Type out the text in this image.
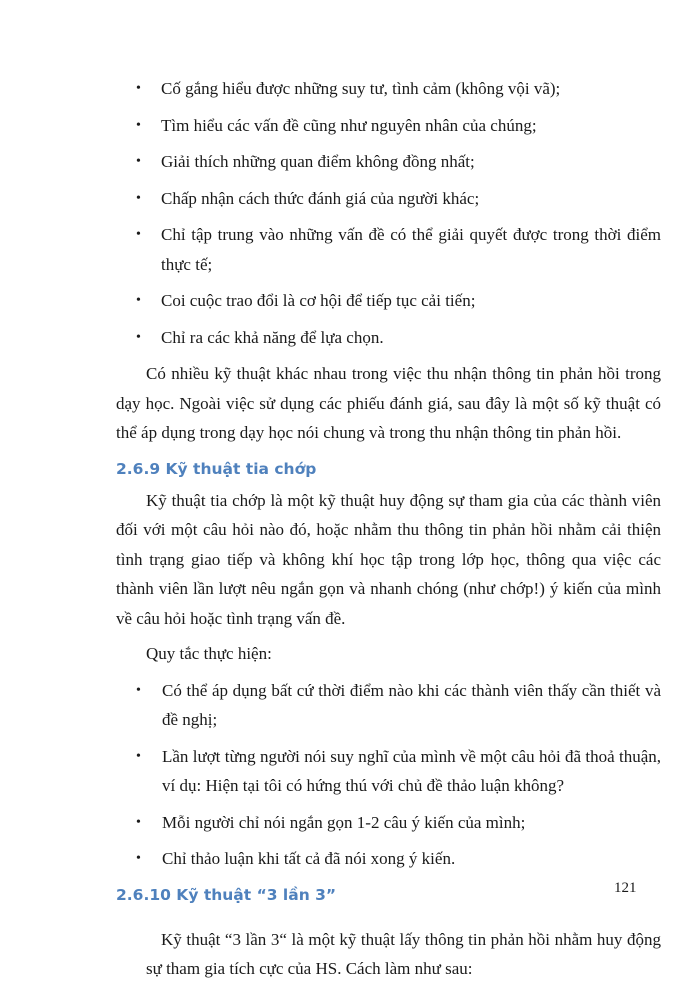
• Cố gắng hiểu được những suy tư, tình cảm (không vội vã);
• Tìm hiểu các vấn đề cũng như nguyên nhân của chúng;
• Giải thích những quan điểm không đồng nhất;
• Chấp nhận cách thức đánh giá của người khác;
• Chỉ tập trung vào những vấn đề có thể giải quyết được trong thời điểm thực tế;
• Coi cuộc trao đổi là cơ hội để tiếp tục cải tiến;
• Chỉ ra các khả năng để lựa chọn.

Có nhiều kỹ thuật khác nhau trong việc thu nhận thông tin phản hồi trong dạy học. Ngoài việc sử dụng các phiếu đánh giá, sau đây là một số kỹ thuật có thể áp dụng trong dạy học nói chung và trong thu nhận thông tin phản hồi.

2.6.9 Kỹ thuật tia chớp

Kỹ thuật tia chớp là một kỹ thuật huy động sự tham gia của các thành viên đối với một câu hỏi nào đó, hoặc nhằm thu thông tin phản hồi nhằm cải thiện tình trạng giao tiếp và không khí học tập trong lớp học, thông qua việc các thành viên lần lượt nêu ngắn gọn và nhanh chóng (như chớp!) ý kiến của mình về câu hỏi hoặc tình trạng vấn đề.

Quy tắc thực hiện:

• Có thể áp dụng bất cứ thời điểm nào khi các thành viên thấy cần thiết và đề nghị;
• Lần lượt từng người nói suy nghĩ của mình về một câu hỏi đã thoả thuận, ví dụ: Hiện tại tôi có hứng thú với chủ đề thảo luận không?
• Mỗi người chỉ nói ngắn gọn 1-2 câu ý kiến của mình;
• Chỉ thảo luận khi tất cả đã nói xong ý kiến.
2.6.10 Kỹ thuật “3 lần 3”

Kỹ thuật “3 lần 3“ là một kỹ thuật lấy thông tin phản hồi nhằm huy động sự tham gia tích cực của HS. Cách làm như sau:

121
